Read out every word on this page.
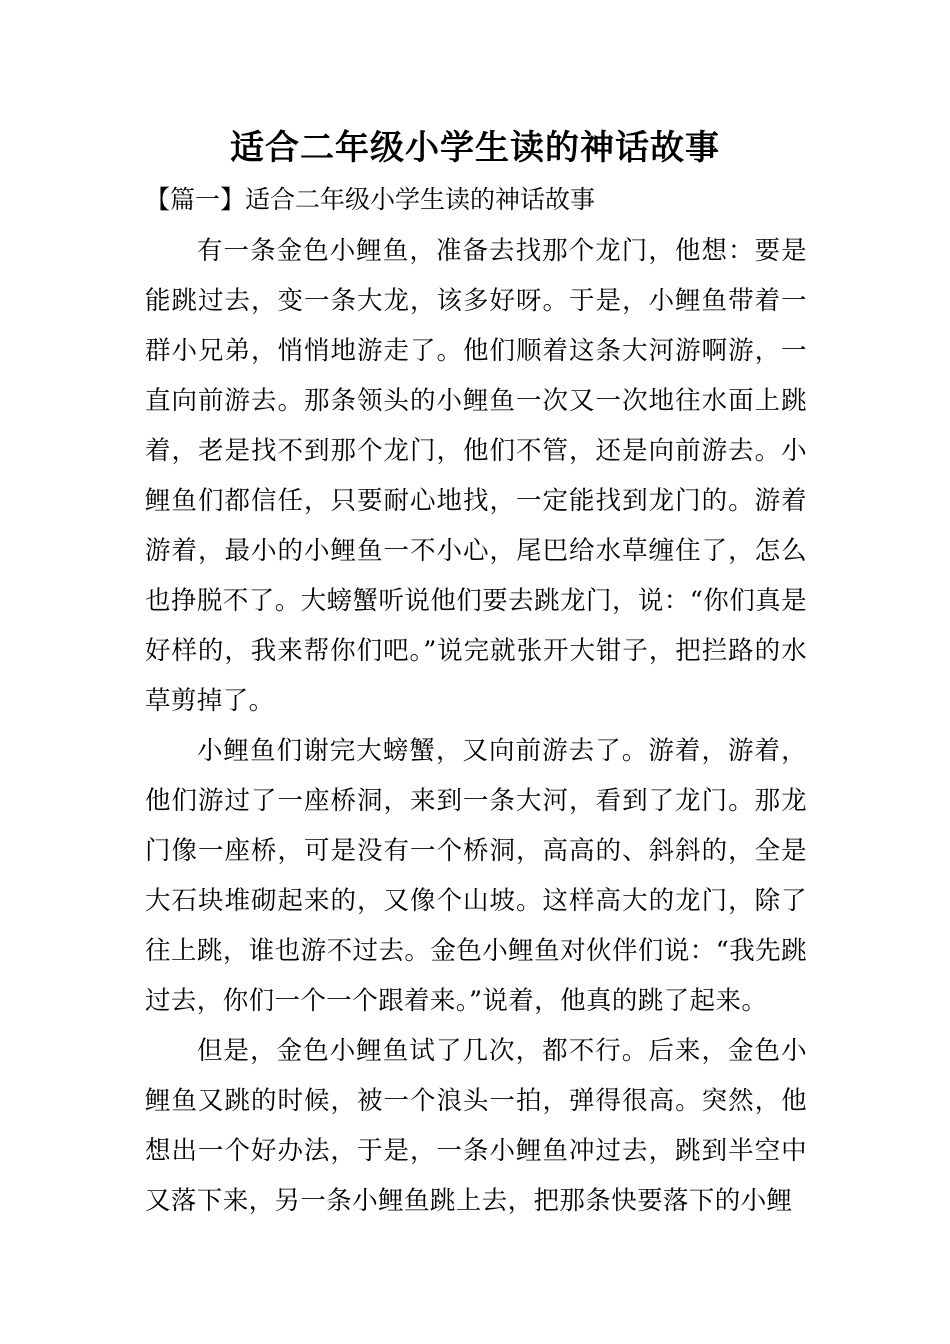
适合二年级小学生读的神话故事

【篇一】适合二年级小学生读的神话故事

有一条金色小鲤鱼，准备去找那个龙门，他想：要是能跳过去，变一条大龙，该多好呀。于是，小鲤鱼带着一群小兄弟，悄悄地游走了。他们顺着这条大河游啊游，一直向前游去。那条领头的小鲤鱼一次又一次地往水面上跳着，老是找不到那个龙门，他们不管，还是向前游去。小鲤鱼们都信任，只要耐心地找，一定能找到龙门的。游着游着，最小的小鲤鱼一不小心，尾巴给水草缠住了，怎么也挣脱不了。大螃蟹听说他们要去跳龙门，说：“你们真是好样的，我来帮你们吧。”说完就张开大钳子，把拦路的水草剪掉了。

小鲤鱼们谢完大螃蟹，又向前游去了。游着，游着，他们游过了一座桥洞，来到一条大河，看到了龙门。那龙门像一座桥，可是没有一个桥洞，高高的、斜斜的，全是大石块堆砌起来的，又像个山坡。这样高大的龙门，除了往上跳，谁也游不过去。金色小鲤鱼对伙伴们说：“我先跳过去，你们一个一个跟着来。”说着，他真的跳了起来。

但是，金色小鲤鱼试了几次，都不行。后来，金色小鲤鱼又跳的时候，被一个浪头一拍，弹得很高。突然，他想出一个好办法，于是，一条小鲤鱼冲过去，跳到半空中又落下来，另一条小鲤鱼跳上去，把那条快要落下的小鲤
